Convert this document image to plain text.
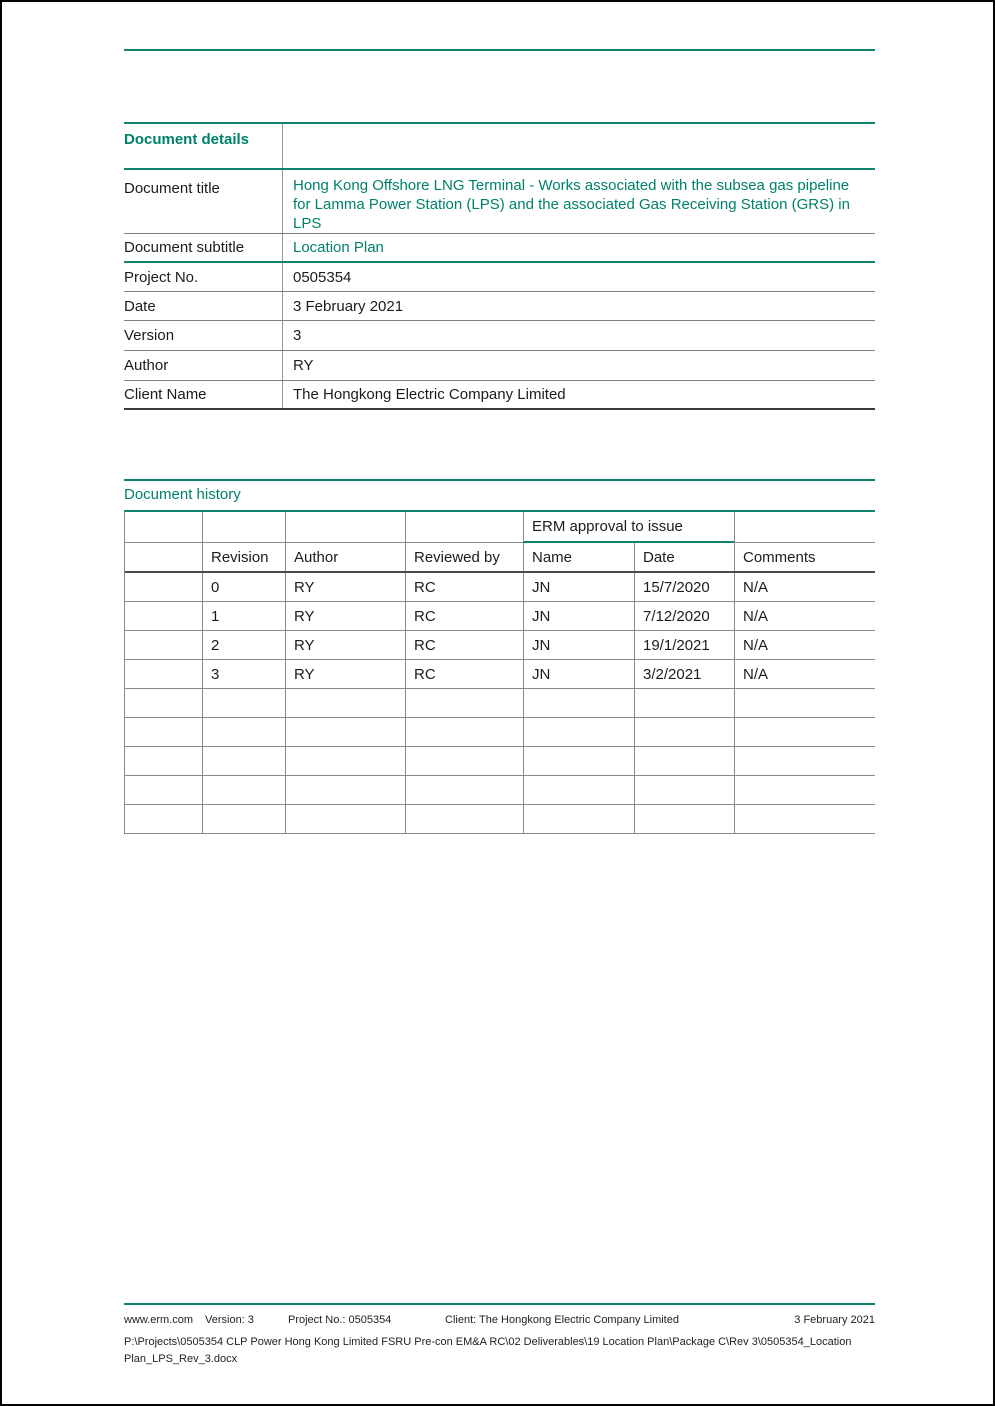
Document details
Document title	Hong Kong Offshore LNG Terminal - Works associated with the subsea gas pipeline for Lamma Power Station (LPS) and the associated Gas Receiving Station (GRS) in LPS
Document subtitle	Location Plan
Project No.	0505354
Date	3 February 2021
Version	3
Author	RY
Client Name	The Hongkong Electric Company Limited
Document history
ERM approval to issue
Revision	Author	Reviewed by	Name	Date	Comments
0	RY	RC	JN	15/7/2020	N/A
1	RY	RC	JN	7/12/2020	N/A
2	RY	RC	JN	19/1/2021	N/A
3	RY	RC	JN	3/2/2021	N/A
www.erm.com Version: 3	Project No.: 0505354	Client: The Hongkong Electric Company Limited	3 February 2021
P:\Projects\0505354 CLP Power Hong Kong Limited FSRU Pre-con EM&A RC\02 Deliverables\19 Location Plan\Package C\Rev 3\0505354_Location Plan_LPS_Rev_3.docx
